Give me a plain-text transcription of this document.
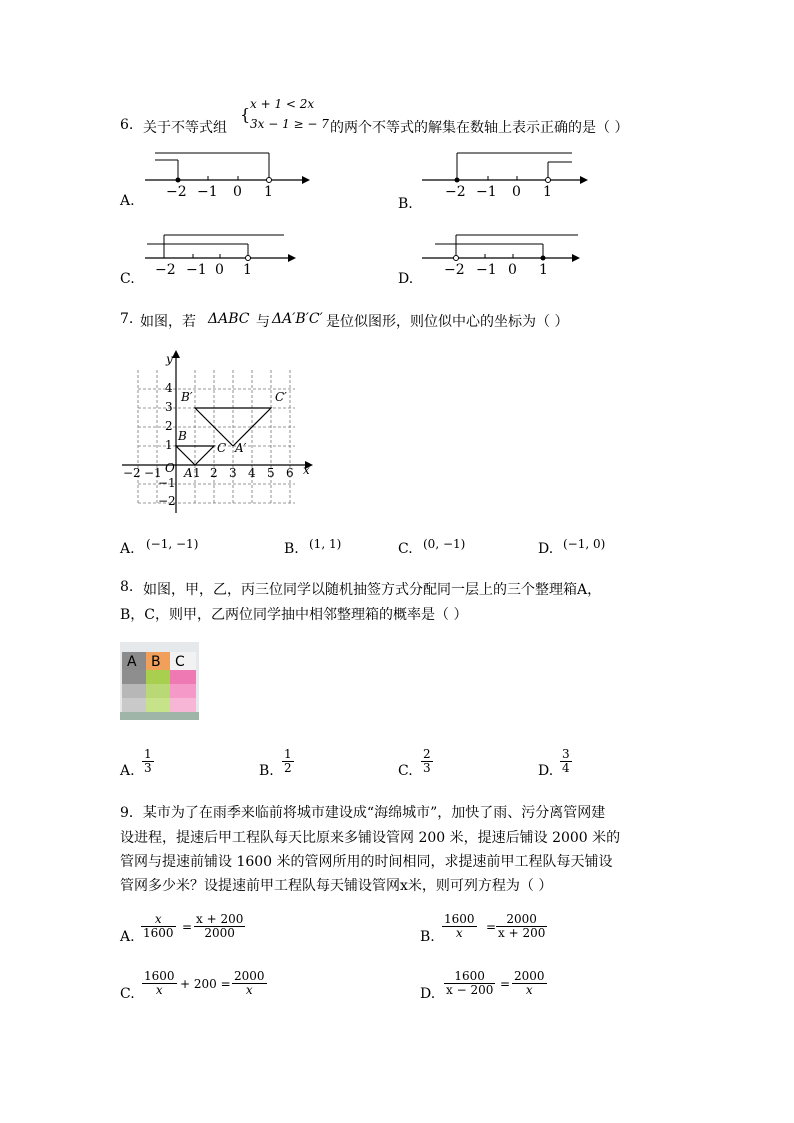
6. 关于不等式组
{
x + 1 < 2x
3x − 1 ≥ − 7 的两个不等式的解集在数轴上表示正确的是（ ）
A.
−2 −1 0 1
B.
−2 −1 0 1
C.
−2 −1 0 1
D.
−2 −1 0 1
7. 如图，若 ΔABC 与 ΔA′B′C′ 是位似图形，则位似中心的坐标为（ ）
y
x
O
−2 −1	1 2 3 4 5 6
4
3
2
1
−1
−2
B′	C′
B
C A′
A
A. (−1, −1)	B. (1, 1)	C. (0, −1)	D. (−1, 0)
8. 如图，甲，乙，丙三位同学以随机抽签方式分配同一层上的三个整理箱A，
B，C，则甲，乙两位同学抽中相邻整理箱的概率是（ ）
A B C
A. $\frac{1}{3}$	B. $\frac{1}{2}$	C. $\frac{2}{3}$	D. $\frac{3}{4}$
9．某市为了在雨季来临前将城市建设成“海绵城市”，加快了雨、污分离管网建
设进程，提速后甲工程队每天比原来多铺设管网 200 米，提速后铺设 2000 米的
管网与提速前铺设 1600 米的管网所用的时间相同，求提速前甲工程队每天铺设
管网多少米？设提速前甲工程队每天铺设管网x米，则可列方程为（ ）
A. $\frac{x}{1600} = \frac{x + 200}{2000}$	B. $\frac{1600}{x} = \frac{2000}{x + 200}$
C. $\frac{1600}{x} + 200 = \frac{2000}{x}$	D. $\frac{1600}{x - 200} = \frac{2000}{x}$
